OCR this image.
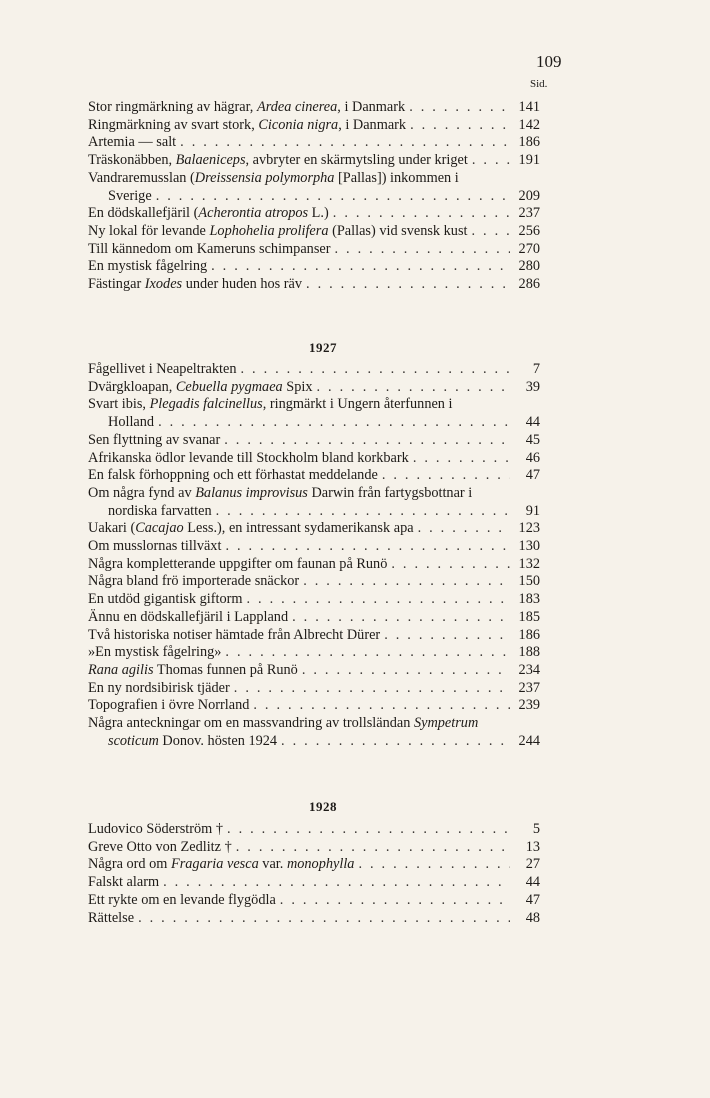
109
Sid.
Stor ringmärkning av hägrar, Ardea cinerea, i Danmark . . .	141
Ringmärkning av svart stork, Ciconia nigra, i Danmark . . .	142
Artemia — salt . . .	186
Träskonäbben, Balaeniceps, avbryter en skärmytsling under kriget . . .	191
Vandraremusslan (Dreissensia polymorpha [Pallas]) inkommen i
Sverige . . .	209
En dödskallefjäril (Acherontia atropos L.) . . .	237
Ny lokal för levande Lophohelia prolifera (Pallas) vid svensk kust . . .	256
Till kännedom om Kameruns schimpanser . . .	270
En mystisk fågelring . . .	280
Fästingar Ixodes under huden hos räv . . .	286
1927
Fågellivet i Neapeltrakten . . .	7
Dvärgkloapan, Cebuella pygmaea Spix . . .	39
Svart ibis, Plegadis falcinellus, ringmärkt i Ungern återfunnen i
Holland . . .	44
Sen flyttning av svanar . . .	45
Afrikanska ödlor levande till Stockholm bland korkbark . . .	46
En falsk förhoppning och ett förhastat meddelande . . .	47
Om några fynd av Balanus improvisus Darwin från fartygsbottnar i
nordiska farvatten . . .	91
Uakari (Cacajao Less.), en intressant sydamerikansk apa . . .	123
Om musslornas tillväxt . . .	130
Några kompletterande uppgifter om faunan på Runö . . .	132
Några bland frö importerade snäckor . . .	150
En utdöd gigantisk giftorm . . .	183
Ännu en dödskallefjäril i Lappland . . .	185
Två historiska notiser hämtade från Albrecht Dürer . . .	186
»En mystisk fågelring» . . .	188
Rana agilis Thomas funnen på Runö . . .	234
En ny nordsibirisk tjäder . . .	237
Topografien i övre Norrland . . .	239
Några anteckningar om en massvandring av trollsländan Sympetrum
scoticum Donov. hösten 1924 . . .	244
1928
Ludovico Söderström † . . .	5
Greve Otto von Zedlitz † . . .	13
Några ord om Fragaria vesca var. monophylla . . .	27
Falskt alarm . . .	44
Ett rykte om en levande flygödla . . .	47
Rättelse . . .	48
